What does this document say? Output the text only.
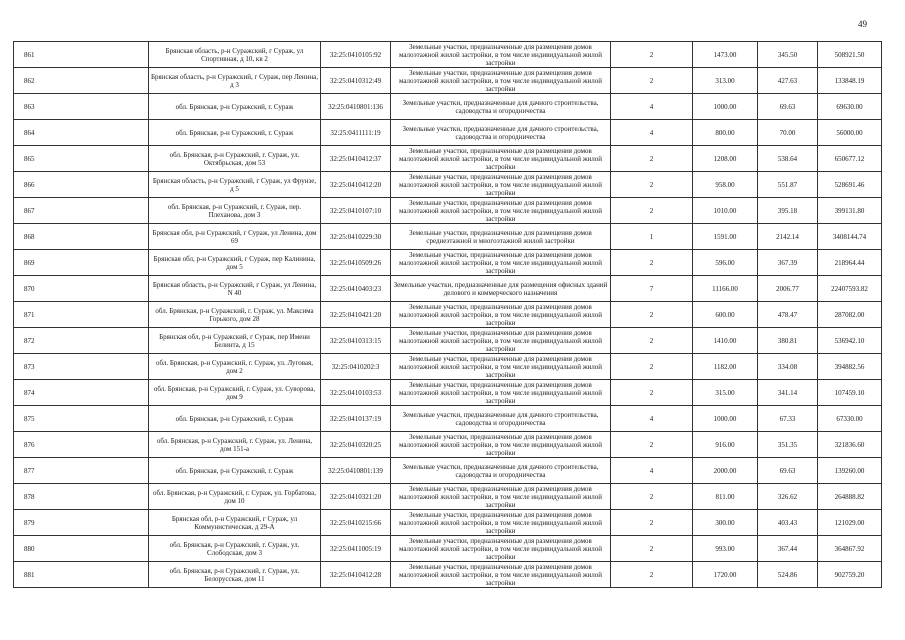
49
861	Брянская область, р-н Суражский, г Сураж, ул Спортивная, д 10, кв 2	32:25:0410105:92	Земельные участки, предназначенные для размещения домов малоэтажной жилой застройки, в том числе индивидуальной жилой застройки	2	1473.00	345.50	508921.50
862	Брянская область, р-н Суражский, г Сураж, пер Ленина, д 3	32:25:0410312:49	Земельные участки, предназначенные для размещения домов малоэтажной жилой застройки, в том числе индивидуальной жилой застройки	2	313.00	427.63	133848.19
863	обл. Брянская, р-н Суражский, г. Сураж	32:25:0410801:136	Земельные участки, предназначенные для дачного строительства, садоводства и огородничества	4	1000.00	69.63	69630.00
864	обл. Брянская, р-н Суражский, г. Сураж	32:25:0411111:19	Земельные участки, предназначенные для дачного строительства, садоводства и огородничества	4	800.00	70.00	56000.00
865	обл. Брянская, р-н Суражский, г. Сураж, ул. Октябрьская, дом 53	32:25:0410412:37	Земельные участки, предназначенные для размещения домов малоэтажной жилой застройки, в том числе индивидуальной жилой застройки	2	1208.00	538.64	650677.12
866	Брянская область, р-н Суражский, г Сураж, ул Фрунзе, д 5	32:25:0410412:20	Земельные участки, предназначенные для размещения домов малоэтажной жилой застройки, в том числе индивидуальной жилой застройки	2	958.00	551.87	528691.46
867	обл. Брянская, р-н Суражский, г. Сураж, пер. Плеханова, дом 3	32:25:0410107:10	Земельные участки, предназначенные для размещения домов малоэтажной жилой застройки, в том числе индивидуальной жилой застройки	2	1010.00	395.18	399131.80
868	Брянская обл, р-н Суражский, г Сураж, ул Ленина, дом 69	32:25:0410229:30	Земельные участки, предназначенные для размещения домов среднеэтажной и многоэтажной жилой застройки	1	1591.00	2142.14	3408144.74
869	Брянская обл, р-н Суражский, г Сураж, пер Калинина, дом 5	32:25:0410509:26	Земельные участки, предназначенные для размещения домов малоэтажной жилой застройки, в том числе индивидуальной жилой застройки	2	596.00	367.39	218964.44
870	Брянская область, р-н Суражский, г Сураж, ул Ленина, N 40	32:25:0410403:23	Земельные участки, предназначенные для размещения офисных зданий делового и коммерческого назначения	7	11166.00	2006.77	22407593.82
871	обл. Брянская, р-н Суражский, г. Сураж, ул. Максима Горького, дом 28	32:25:0410421:20	Земельные участки, предназначенные для размещения домов малоэтажной жилой застройки, в том числе индивидуальной жилой застройки	2	600.00	478.47	287082.00
872	Брянская обл, р-н Суражский, г Сураж, пер Имени Белинта, д 15	32:25:0410313:15	Земельные участки, предназначенные для размещения домов малоэтажной жилой застройки, в том числе индивидуальной жилой застройки	2	1410.00	380.81	536942.10
873	обл. Брянская, р-н Суражский, г. Сураж, ул. Луговая, дом 2	32:25:0410202:3	Земельные участки, предназначенные для размещения домов малоэтажной жилой застройки, в том числе индивидуальной жилой застройки	2	1182.00	334.08	394882.56
874	обл. Брянская, р-н Суражский, г. Сураж, ул. Суворова, дом 9	32:25:0410103:53	Земельные участки, предназначенные для размещения домов малоэтажной жилой застройки, в том числе индивидуальной жилой застройки	2	315.00	341.14	107459.10
875	обл. Брянская, р-н Суражский, г. Сураж	32:25:0410137:19	Земельные участки, предназначенные для дачного строительства, садоводства и огородничества	4	1000.00	67.33	67330.00
876	обл. Брянская, р-н Суражский, г. Сураж, ул. Ленина, дом 151-а	32:25:0410320:25	Земельные участки, предназначенные для размещения домов малоэтажной жилой застройки, в том числе индивидуальной жилой застройки	2	916.00	351.35	321836.60
877	обл. Брянская, р-н Суражский, г. Сураж	32:25:0410801:139	Земельные участки, предназначенные для дачного строительства, садоводства и огородничества	4	2000.00	69.63	139260.00
878	обл. Брянская, р-н Суражский, г. Сураж, ул. Горбатова, дом 10	32:25:0410321:20	Земельные участки, предназначенные для размещения домов малоэтажной жилой застройки, в том числе индивидуальной жилой застройки	2	811.00	326.62	264888.82
879	Брянская обл, р-н Суражский, г Сураж, ул Коммунистическая, д 29-А	32:25:0410215:66	Земельные участки, предназначенные для размещения домов малоэтажной жилой застройки, в том числе индивидуальной жилой застройки	2	300.00	403.43	121029.00
880	обл. Брянская, р-н Суражский, г. Сураж, ул. Слободская, дом 3	32:25:0411005:19	Земельные участки, предназначенные для размещения домов малоэтажной жилой застройки, в том числе индивидуальной жилой застройки	2	993.00	367.44	364867.92
881	обл. Брянская, р-н Суражский, г. Сураж, ул. Белорусская, дом 11	32:25:0410412:28	Земельные участки, предназначенные для размещения домов малоэтажной жилой застройки, в том числе индивидуальной жилой застройки	2	1720.00	524.86	902759.20
